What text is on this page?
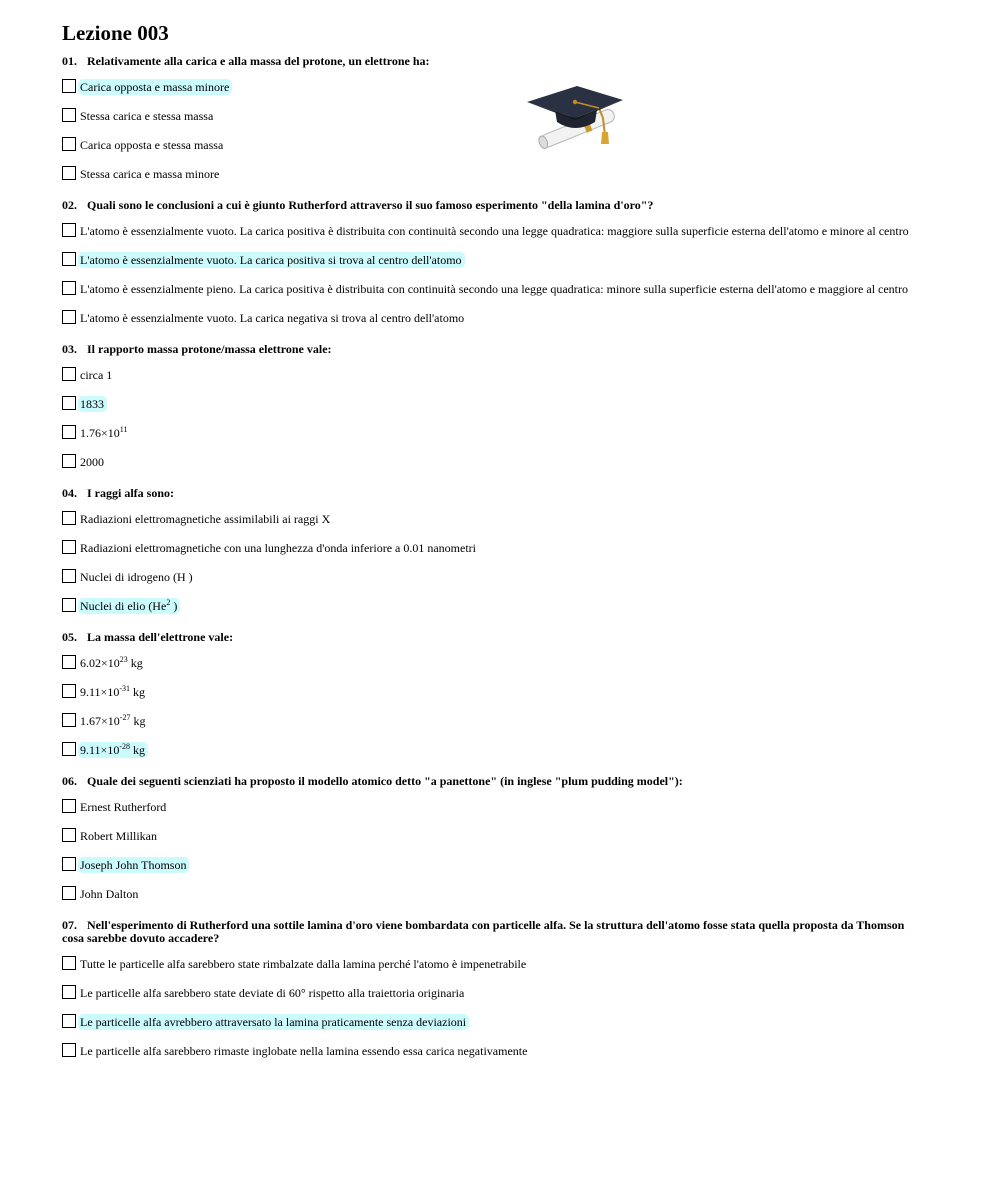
Lezione 003
01. Relativamente alla carica e alla massa del protone, un elettrone ha:
Carica opposta e massa minore
Stessa carica e stessa massa
Carica opposta e stessa massa
Stessa carica e massa minore
02. Quali sono le conclusioni a cui è giunto Rutherford attraverso il suo famoso esperimento "della lamina d'oro"?
L'atomo è essenzialmente vuoto. La carica positiva è distribuita con continuità secondo una legge quadratica: maggiore sulla superficie esterna dell'atomo e minore al centro
L'atomo è essenzialmente vuoto. La carica positiva si trova al centro dell'atomo
L'atomo è essenzialmente pieno. La carica positiva è distribuita con continuità secondo una legge quadratica: minore sulla superficie esterna dell'atomo e maggiore al centro
L'atomo è essenzialmente vuoto. La carica negativa si trova al centro dell'atomo
03. Il rapporto massa protone/massa elettrone vale:
circa 1
1833
$1.76\times 10^{11}$
2000
04. I raggi alfa sono:
Radiazioni elettromagnetiche assimilabili ai raggi X
Radiazioni elettromagnetiche con una lunghezza d'onda inferiore a 0.01 nanometri
Nuclei di idrogeno (H )
Nuclei di elio (He$^2$ )
05. La massa dell'elettrone vale:
$6.02\times 10^{23}$ kg
$9.11\times 10^{-31}$ kg
$1.67\times 10^{-27}$ kg
$9.11\times 10^{-28}$ kg
06. Quale dei seguenti scienziati ha proposto il modello atomico detto "a panettone" (in inglese "plum pudding model"):
Ernest Rutherford
Robert Millikan
Joseph John Thomson
John Dalton
07. Nell'esperimento di Rutherford una sottile lamina d'oro viene bombardata con particelle alfa. Se la struttura dell'atomo fosse stata quella proposta da Thomson cosa sarebbe dovuto accadere?
Tutte le particelle alfa sarebbero state rimbalzate dalla lamina perché l'atomo è impenetrabile
Le particelle alfa sarebbero state deviate di 60° rispetto alla traiettoria originaria
Le particelle alfa avrebbero attraversato la lamina praticamente senza deviazioni
Le particelle alfa sarebbero rimaste inglobate nella lamina essendo essa carica negativamente
